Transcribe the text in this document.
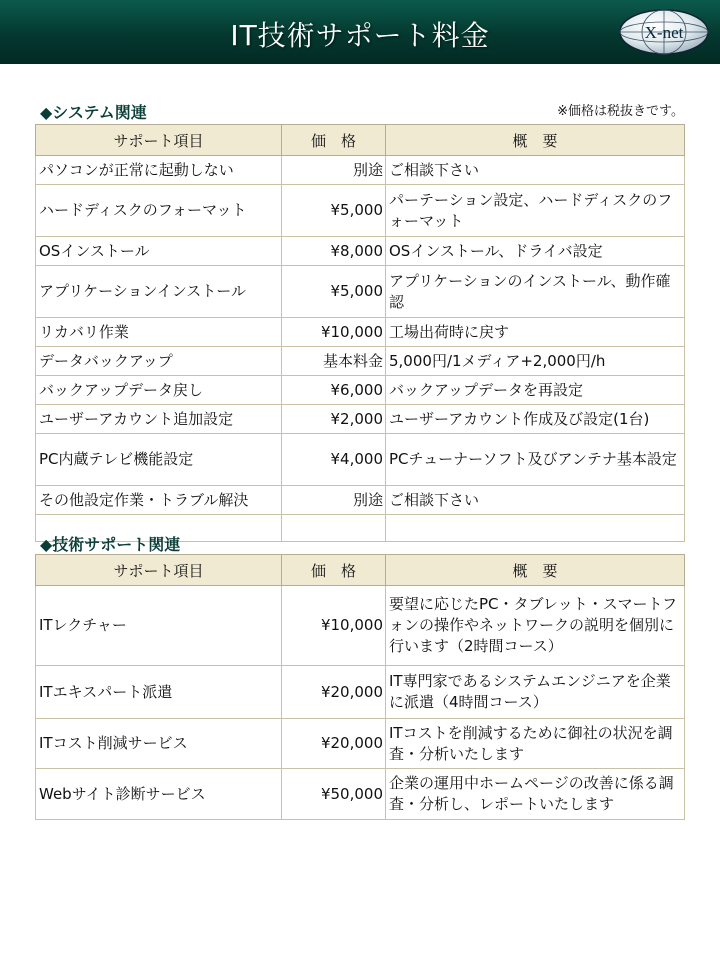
IT技術サポート料金	X-net
◆システム関連	※価格は税抜きです。
サポート項目	価　格	概　要
パソコンが正常に起動しない	別途	ご相談下さい
ハードディスクのフォーマット	¥5,000	パーテーション設定、ハードディスクのフォーマット
OSインストール	¥8,000	OSインストール、ドライバ設定
アプリケーションインストール	¥5,000	アプリケーションのインストール、動作確認
リカバリ作業	¥10,000	工場出荷時に戻す
データバックアップ	基本料金	5,000円/1メディア+2,000円/h
バックアップデータ戻し	¥6,000	バックアップデータを再設定
ユーザーアカウント追加設定	¥2,000	ユーザーアカウント作成及び設定(1台)
PC内蔵テレビ機能設定	¥4,000	PCチューナーソフト及びアンテナ基本設定
その他設定作業・トラブル解決	別途	ご相談下さい

◆技術サポート関連
サポート項目	価　格	概　要
ITレクチャー	¥10,000	要望に応じたPC・タブレット・スマートフォンの操作やネットワークの説明を個別に行います（2時間コース）
ITエキスパート派遣	¥20,000	IT専門家であるシステムエンジニアを企業に派遣（4時間コース）
ITコスト削減サービス	¥20,000	ITコストを削減するために御社の状況を調査・分析いたします
Webサイト診断サービス	¥50,000	企業の運用中ホームページの改善に係る調査・分析し、レポートいたします
